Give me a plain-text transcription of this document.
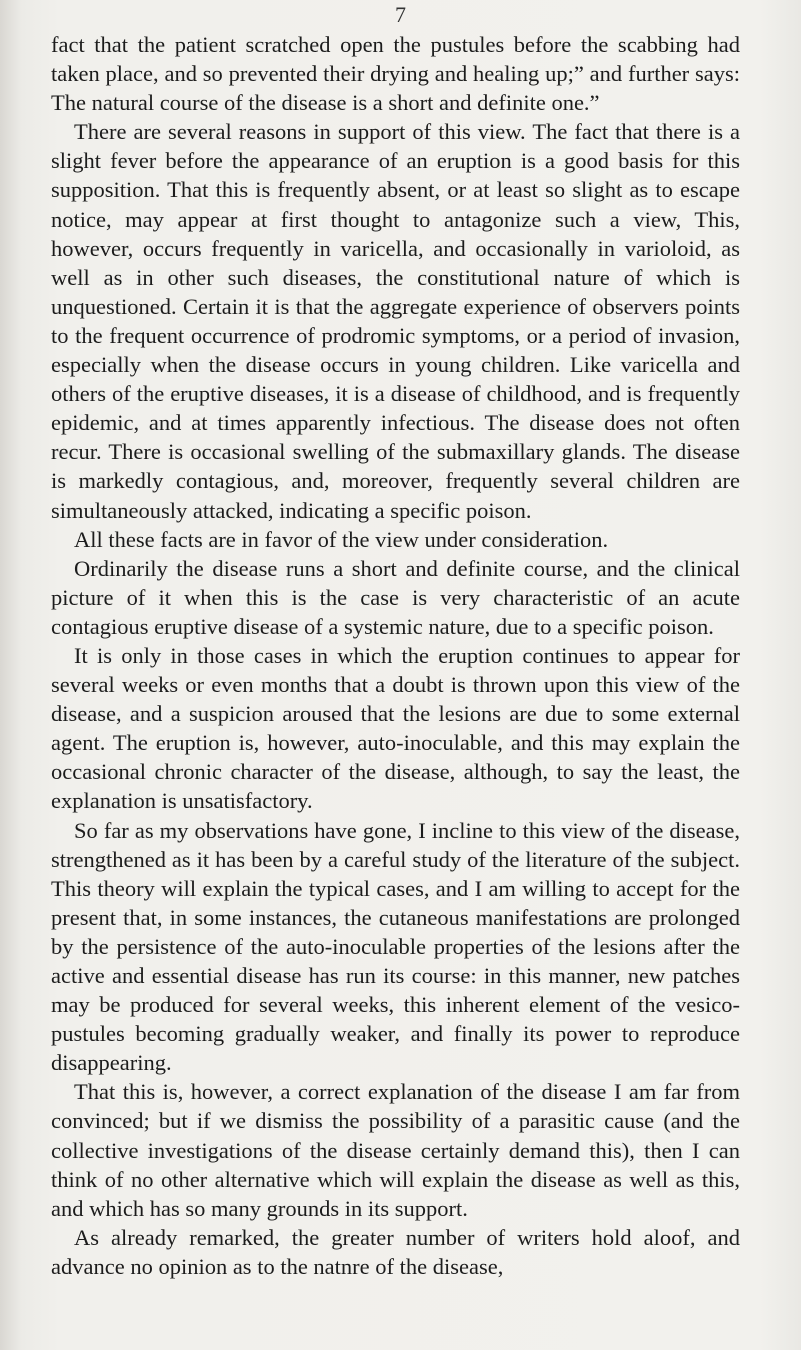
7

fact that the patient scratched open the pustules before the scabbing had taken place, and so prevented their drying and healing up;” and further says: The natural course of the disease is a short and definite one.”

There are several reasons in support of this view. The fact that there is a slight fever before the appearance of an eruption is a good basis for this supposition. That this is frequently absent, or at least so slight as to escape notice, may appear at first thought to antagonize such a view, This, however, occurs frequently in varicella, and occasionally in varioloid, as well as in other such diseases, the constitutional nature of which is unquestioned. Certain it is that the aggregate experience of observers points to the frequent occurrence of prodromic symptoms, or a period of invasion, especially when the disease occurs in young children. Like varicella and others of the eruptive diseases, it is a disease of childhood, and is frequently epidemic, and at times apparently infectious. The disease does not often recur. There is occasional swelling of the submaxillary glands. The disease is markedly contagious, and, moreover, frequently several children are simultaneously attacked, indicating a specific poison.

All these facts are in favor of the view under consideration.

Ordinarily the disease runs a short and definite course, and the clinical picture of it when this is the case is very characteristic of an acute contagious eruptive disease of a systemic nature, due to a specific poison.

It is only in those cases in which the eruption continues to appear for several weeks or even months that a doubt is thrown upon this view of the disease, and a suspicion aroused that the lesions are due to some external agent. The eruption is, however, auto-inoculable, and this may explain the occasional chronic character of the disease, although, to say the least, the explanation is unsatisfactory.

So far as my observations have gone, I incline to this view of the disease, strengthened as it has been by a careful study of the literature of the subject. This theory will explain the typical cases, and I am willing to accept for the present that, in some instances, the cutaneous manifestations are prolonged by the persistence of the auto-inoculable properties of the lesions after the active and essential disease has run its course: in this manner, new patches may be produced for several weeks, this inherent element of the vesico-pustules becoming gradually weaker, and finally its power to reproduce disappearing.

That this is, however, a correct explanation of the disease I am far from convinced; but if we dismiss the possibility of a parasitic cause (and the collective investigations of the disease certainly demand this), then I can think of no other alternative which will explain the disease as well as this, and which has so many grounds in its support.

As already remarked, the greater number of writers hold aloof, and advance no opinion as to the natnre of the disease,
